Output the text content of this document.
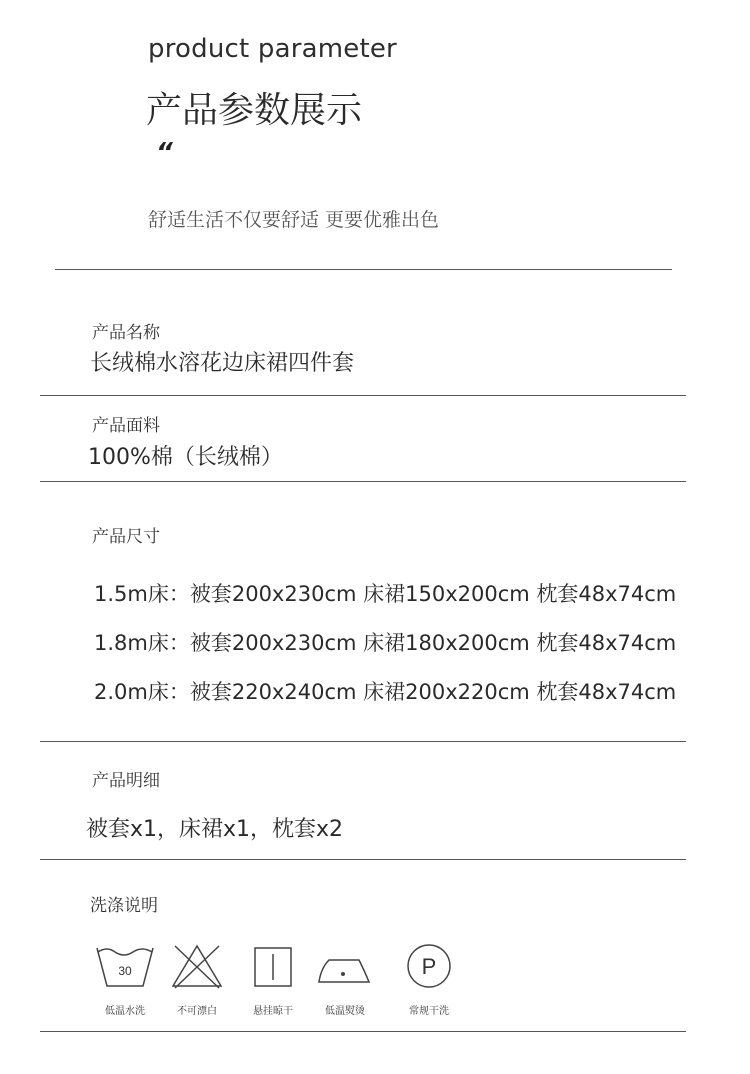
product parameter
产品参数展示
“
舒适生活不仅要舒适 更要优雅出色
产品名称
长绒棉水溶花边床裙四件套
产品面料
100%棉（长绒棉）
产品尺寸
1.5m床：被套200x230cm 床裙150x200cm 枕套48x74cm
1.8m床：被套200x230cm 床裙180x200cm 枕套48x74cm
2.0m床：被套220x240cm 床裙200x220cm 枕套48x74cm
产品明细
被套x1，床裙x1，枕套x2
洗涤说明
30
低温水洗	不可漂白	悬挂晾干	低温熨烫
P
常规干洗
